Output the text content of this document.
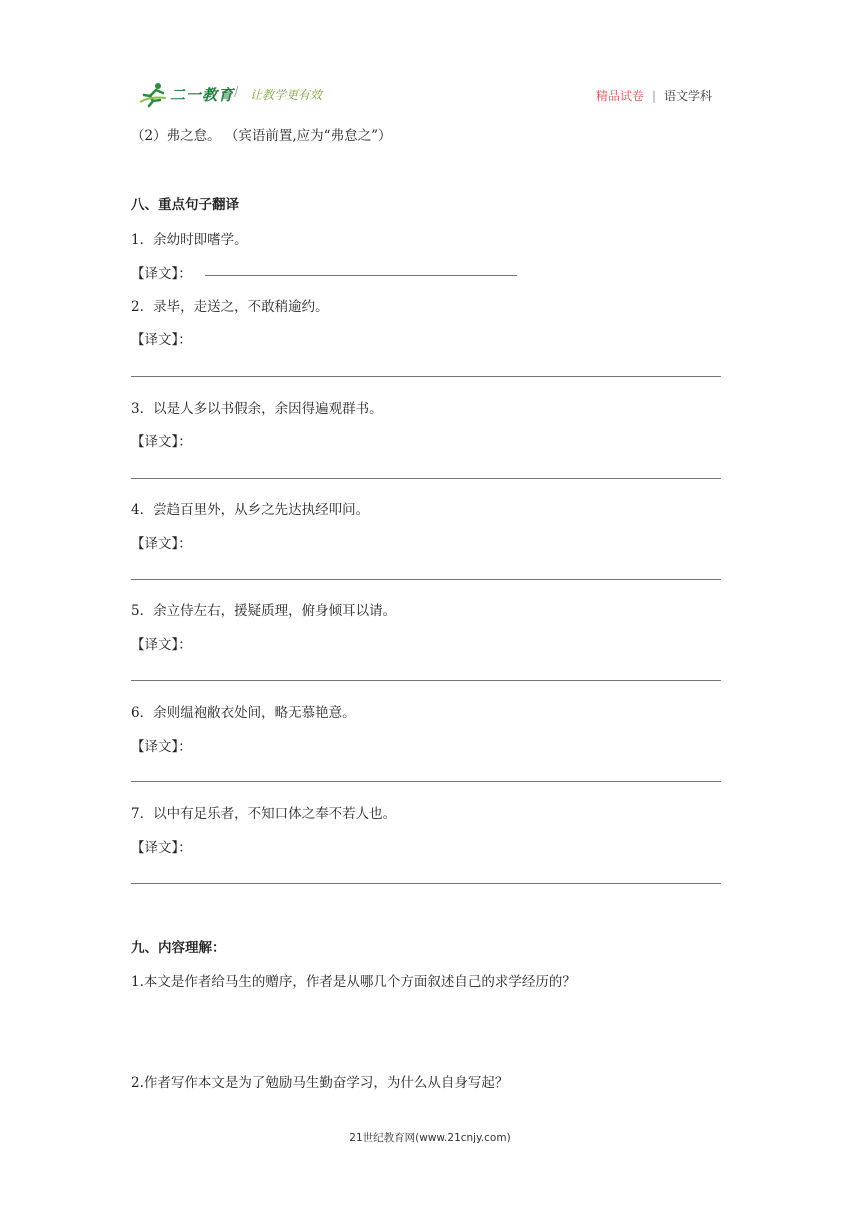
二一教育 / 让教学更有效	精品试卷 | 语文学科
（2）弗之怠。 （宾语前置,应为“弗怠之”）
八、重点句子翻译
1．余幼时即嗜学。
【译文】：
2．录毕，走送之，不敢稍逾约。
【译文】：
3．以是人多以书假余，余因得遍观群书。
【译文】：
4．尝趋百里外，从乡之先达执经叩问。
【译文】：
5．余立侍左右，援疑质理，俯身倾耳以请。
【译文】：
6．余则缊袍敝衣处间，略无慕艳意。
【译文】：
7．以中有足乐者，不知口体之奉不若人也。
【译文】：
九、内容理解：
1.本文是作者给马生的赠序，作者是从哪几个方面叙述自己的求学经历的？
2.作者写作本文是为了勉励马生勤奋学习，为什么从自身写起？
21世纪教育网(www.21cnjy.com)
